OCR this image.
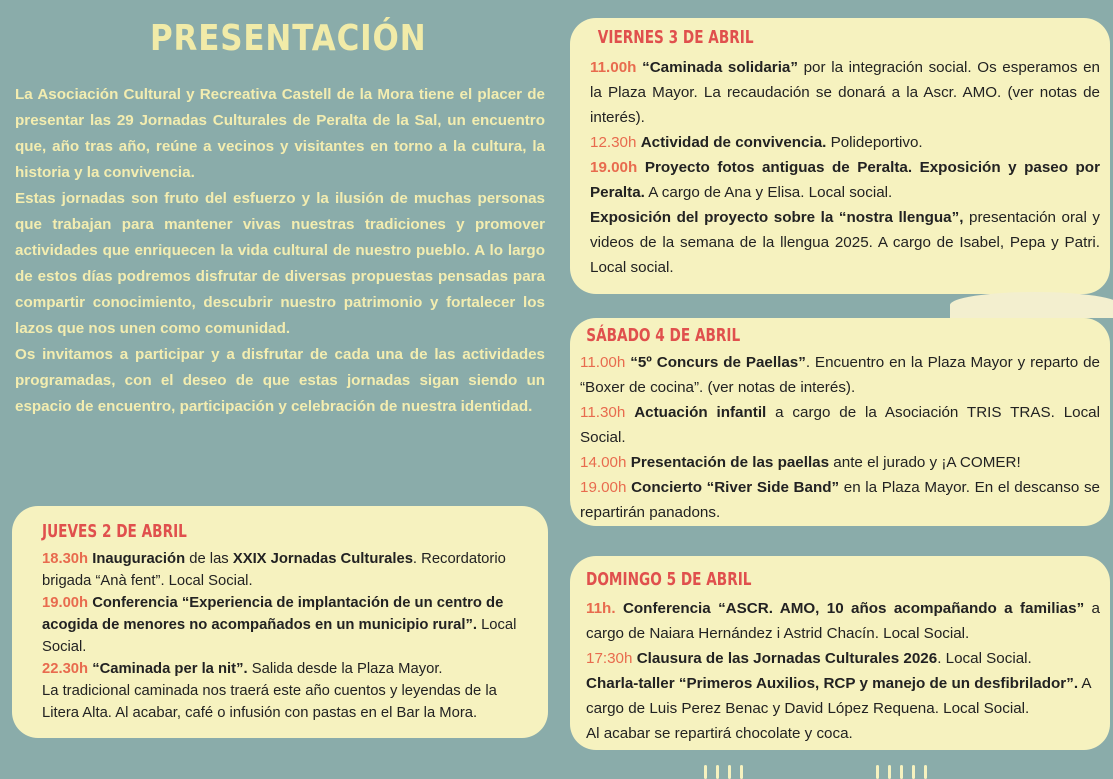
PRESENTACIÓN

La Asociación Cultural y Recreativa Castell de la Mora tiene el placer de presentar las 29 Jornadas Culturales de Peralta de la Sal, un encuentro que, año tras año, reúne a vecinos y visitantes en torno a la cultura, la historia y la convivencia.

Estas jornadas son fruto del esfuerzo y la ilusión de muchas personas que trabajan para mantener vivas nuestras tradiciones y promover actividades que enriquecen la vida cultural de nuestro pueblo. A lo largo de estos días podremos disfrutar de diversas propuestas pensadas para compartir conocimiento, descubrir nuestro patrimonio y fortalecer los lazos que nos unen como comunidad.

Os invitamos a participar y a disfrutar de cada una de las actividades programadas, con el deseo de que estas jornadas sigan siendo un espacio de encuentro, participación y celebración de nuestra identidad.

JUEVES 2 DE ABRIL

18.30h Inauguración de las XXIX Jornadas Culturales. Recordatorio brigada “Anà fent”. Local Social.

19.00h Conferencia “Experiencia de implantación de un centro de acogida de menores no acompañados en un municipio rural”. Local Social.

22.30h “Caminada per la nit”. Salida desde la Plaza Mayor.

La tradicional caminada nos traerá este año cuentos y leyendas de la Litera Alta. Al acabar, café o infusión con pastas en el Bar la Mora.

VIERNES 3 DE ABRIL

11.00h “Caminada solidaria” por la integración social. Os esperamos en la Plaza Mayor. La recaudación se donará a la Ascr. AMO. (ver notas de interés).

12.30h Actividad de convivencia. Polideportivo.

19.00h Proyecto fotos antiguas de Peralta. Exposición y paseo por Peralta. A cargo de Ana y Elisa. Local social.

Exposición del proyecto sobre la “nostra llengua”, presentación oral y videos de la semana de la llengua 2025. A cargo de Isabel, Pepa y Patri. Local social.

SÁBADO 4 DE ABRIL

11.00h “5º Concurs de Paellas”. Encuentro en la Plaza Mayor y reparto de “Boxer de cocina”. (ver notas de interés).

11.30h Actuación infantil a cargo de la Asociación TRIS TRAS. Local Social.

14.00h Presentación de las paellas ante el jurado y ¡A COMER!

19.00h Concierto “River Side Band” en la Plaza Mayor. En el descanso se repartirán panadons.

DOMINGO 5 DE ABRIL

11h. Conferencia “ASCR. AMO, 10 años acompañando a familias” a cargo de Naiara Hernández i Astrid Chacín. Local Social.

17:30h Clausura de las Jornadas Culturales 2026. Local Social.

Charla-taller “Primeros Auxilios, RCP y manejo de un desfibrilador”. A cargo de Luis Perez Benac y David López Requena. Local Social.

Al acabar se repartirá chocolate y coca.
